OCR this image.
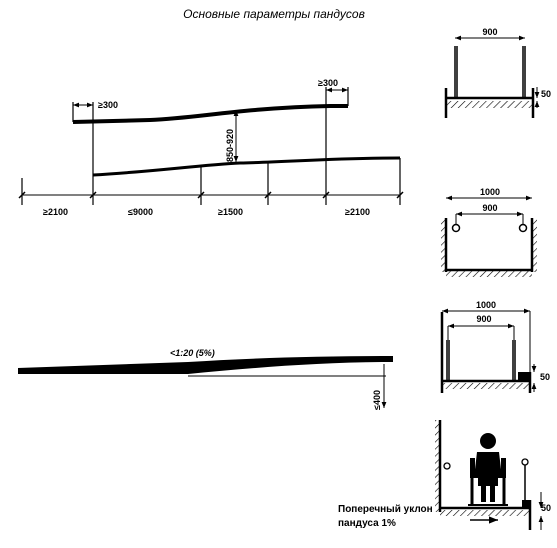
Основные параметры пандусов
≥300
≥300
850-920
≥2100	≤9000	≥1500	≥2100
<1:20 (5%)
≤400
900
50
1000
900
1000
900
50
50
Поперечный уклон
пандуса 1%
